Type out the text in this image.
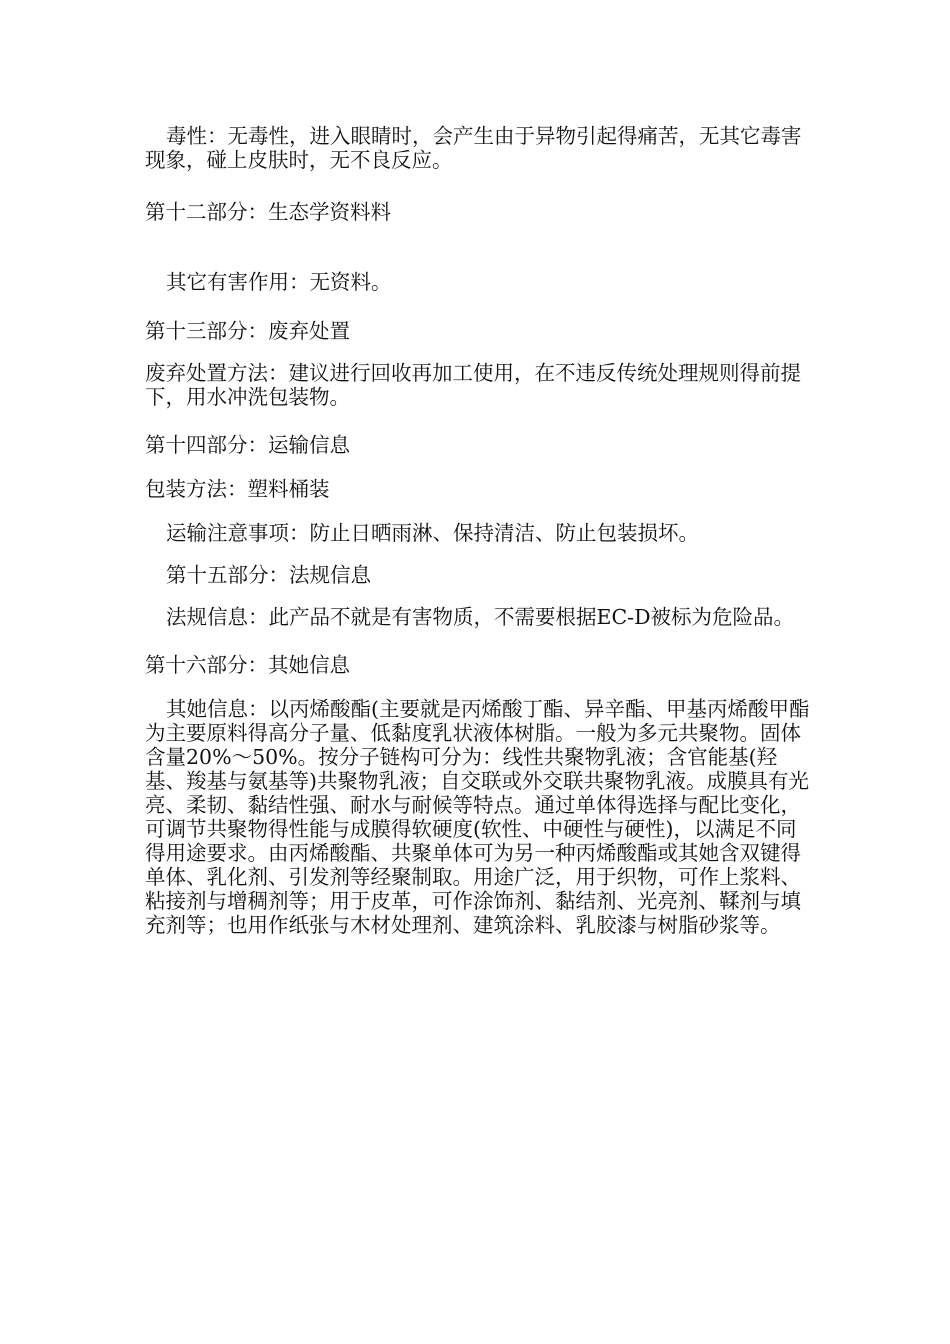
毒性：无毒性，进入眼睛时，会产生由于异物引起得痛苦，无其它毒害现象，碰上皮肤时，无不良反应。

第十二部分：生态学资料料

其它有害作用：无资料。

第十三部分：废弃处置

废弃处置方法：建议进行回收再加工使用，在不违反传统处理规则得前提下，用水冲洗包装物。

第十四部分：运输信息

包装方法：塑料桶装

运输注意事项：防止日晒雨淋、保持清洁、防止包装损坏。

第十五部分：法规信息

法规信息：此产品不就是有害物质，不需要根据EC-D被标为危险品。

第十六部分：其她信息

其她信息：以丙烯酸酯(主要就是丙烯酸丁酯、异辛酯、甲基丙烯酸甲酯为主要原料得高分子量、低黏度乳状液体树脂。一般为多元共聚物。固体含量20%～50%。按分子链构可分为：线性共聚物乳液；含官能基(羟基、羧基与氨基等)共聚物乳液；自交联或外交联共聚物乳液。成膜具有光亮、柔韧、黏结性强、耐水与耐候等特点。通过单体得选择与配比变化，可调节共聚物得性能与成膜得软硬度(软性、中硬性与硬性)，以满足不同得用途要求。由丙烯酸酯、共聚单体可为另一种丙烯酸酯或其她含双键得单体、乳化剂、引发剂等经聚制取。用途广泛，用于织物，可作上浆料、粘接剂与增稠剂等；用于皮革，可作涂饰剂、黏结剂、光亮剂、鞣剂与填充剂等；也用作纸张与木材处理剂、建筑涂料、乳胶漆与树脂砂浆等。
